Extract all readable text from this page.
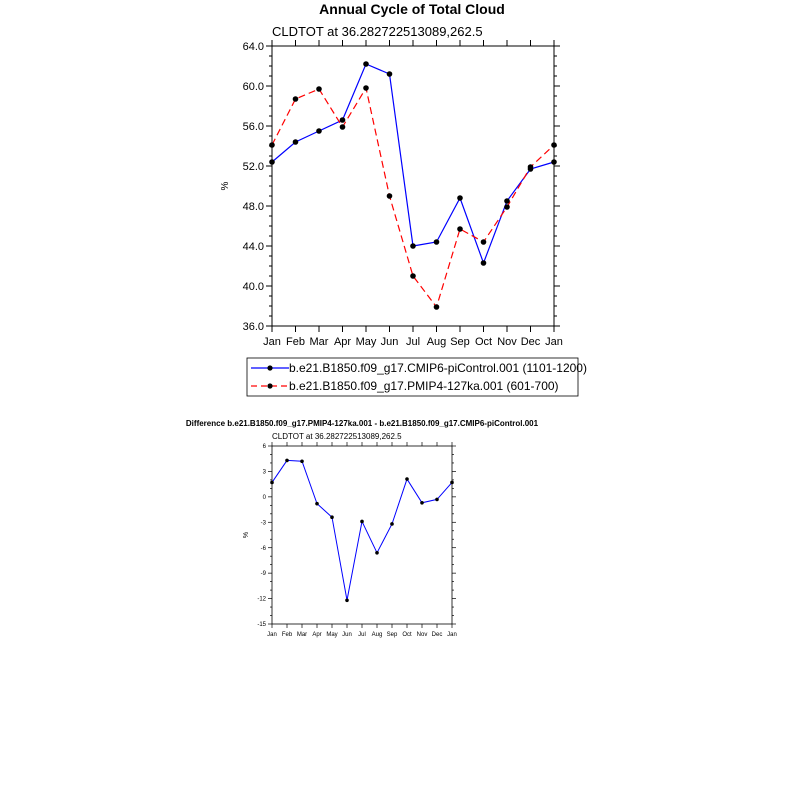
Annual Cycle of Total Cloud
CLDTOT at 36.282722513089,262.5
%
36.0
40.0
44.0
48.0
52.0
56.0
60.0
64.0
Jan Feb Mar Apr May Jun Jul Aug Sep Oct Nov Dec Jan
b.e21.B1850.f09_g17.CMIP6-piControl.001 (1101-1200)
b.e21.B1850.f09_g17.PMIP4-127ka.001 (601-700)
Difference b.e21.B1850.f09_g17.PMIP4-127ka.001 - b.e21.B1850.f09_g17.CMIP6-piControl.001
CLDTOT at 36.282722513089,262.5
%
-15
-12
-9
-6
-3
0
3
6
Jan Feb Mar Apr May Jun Jul Aug Sep Oct Nov Dec Jan
